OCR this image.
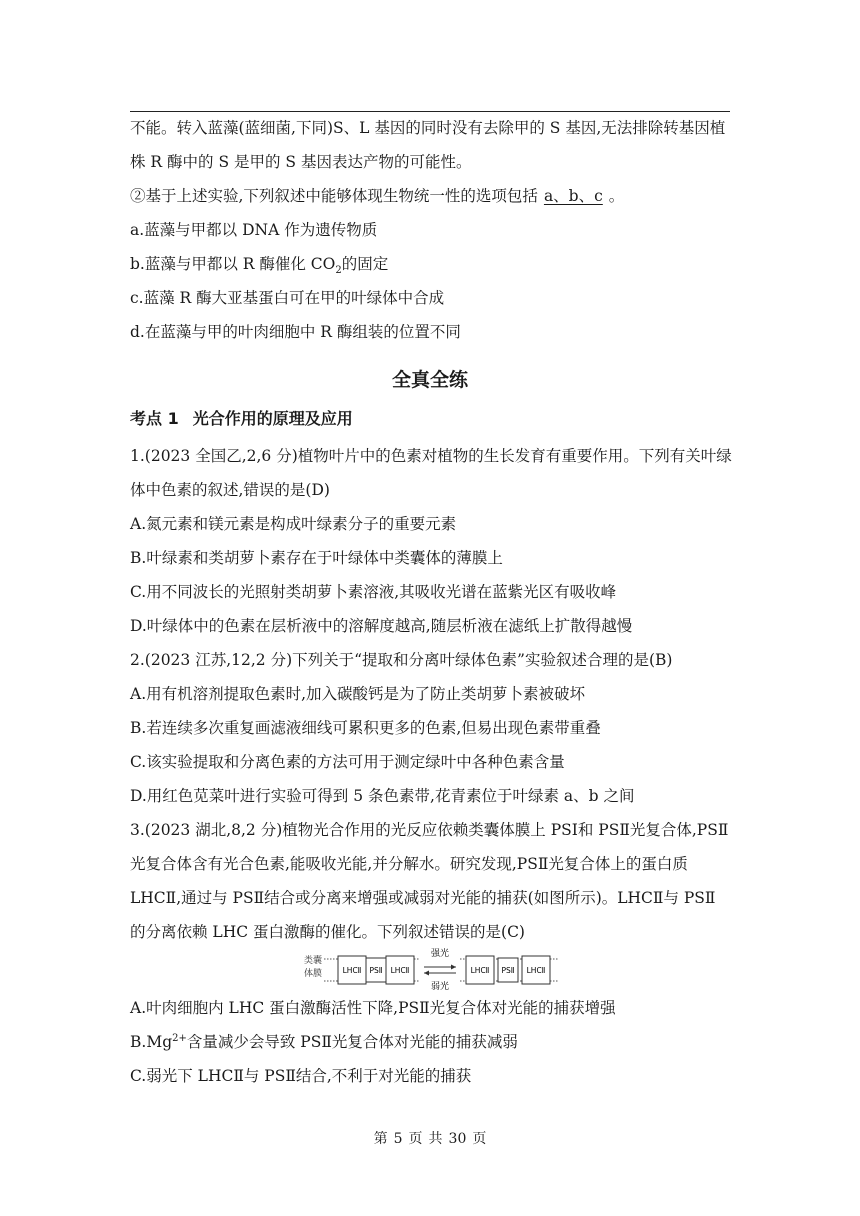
不能。转入蓝藻(蓝细菌,下同)S、L 基因的同时没有去除甲的 S 基因,无法排除转基因植
株 R 酶中的 S 是甲的 S 基因表达产物的可能性。
②基于上述实验,下列叙述中能够体现生物统一性的选项包括 a、b、c 。
a.蓝藻与甲都以 DNA 作为遗传物质
b.蓝藻与甲都以 R 酶催化 $CO_2$的固定
c.蓝藻 R 酶大亚基蛋白可在甲的叶绿体中合成
d.在蓝藻与甲的叶肉细胞中 R 酶组装的位置不同
全真全练
考点 1 光合作用的原理及应用
1.(2023 全国乙,2,6 分)植物叶片中的色素对植物的生长发育有重要作用。下列有关叶绿
体中色素的叙述,错误的是(D)
A.氮元素和镁元素是构成叶绿素分子的重要元素
B.叶绿素和类胡萝卜素存在于叶绿体中类囊体的薄膜上
C.用不同波长的光照射类胡萝卜素溶液,其吸收光谱在蓝紫光区有吸收峰
D.叶绿体中的色素在层析液中的溶解度越高,随层析液在滤纸上扩散得越慢
2.(2023 江苏,12,2 分)下列关于“提取和分离叶绿体色素”实验叙述合理的是(B)
A.用有机溶剂提取色素时,加入碳酸钙是为了防止类胡萝卜素被破坏
B.若连续多次重复画滤液细线可累积更多的色素,但易出现色素带重叠
C.该实验提取和分离色素的方法可用于测定绿叶中各种色素含量
D.用红色苋菜叶进行实验可得到 5 条色素带,花青素位于叶绿素 a、b 之间
3.(2023 湖北,8,2 分)植物光合作用的光反应依赖类囊体膜上 PSⅠ和 PSⅡ光复合体,PSⅡ
光复合体含有光合色素,能吸收光能,并分解水。研究发现,PSⅡ光复合体上的蛋白质
LHCⅡ,通过与 PSⅡ结合或分离来增强或减弱对光能的捕获(如图所示)。LHCⅡ与 PSⅡ
的分离依赖 LHC 蛋白激酶的催化。下列叙述错误的是(C)
类囊
体膜	LHCⅡ PSⅡ LHCⅡ
强光
弱光
LHCⅡ PSⅡ LHCⅡ
A.叶肉细胞内 LHC 蛋白激酶活性下降,PSⅡ光复合体对光能的捕获增强
$B.Mg^{2+}$含量减少会导致 PSⅡ光复合体对光能的捕获减弱
C.弱光下 LHCⅡ与 PSⅡ结合,不利于对光能的捕获
第 5 页 共 30 页
